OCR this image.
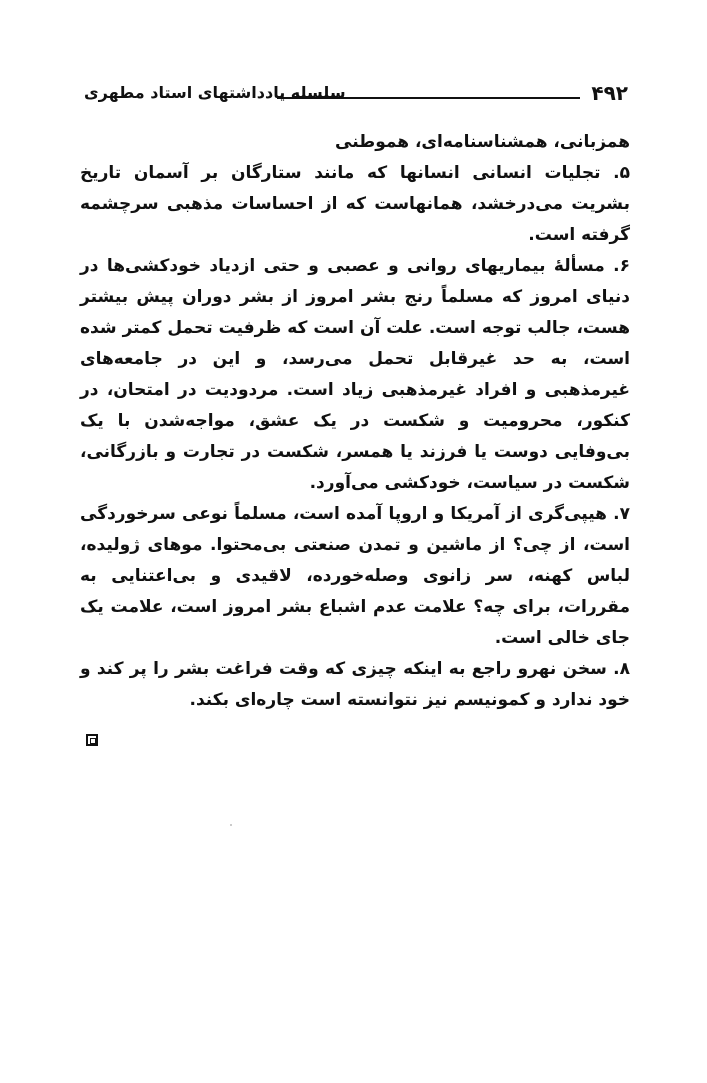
۴۹۲
سلسله یادداشتهای استاد مطهری

همزبانی، همشناسنامه‌ای، هموطنی

۵. تجلیات انسانی انسانها که مانند ستارگان بر آسمان تاریخ بشریت می‌درخشد، همانهاست که از احساسات مذهبی سرچشمه گرفته است.

۶. مسألهٔ بیماریهای روانی و عصبی و حتی ازدیاد خودکشی‌ها در دنیای امروز که مسلماً رنج بشر امروز از بشر دوران پیش بیشتر هست، جالب توجه است. علت آن است که ظرفیت تحمل کمتر شده است، به حد غیرقابل تحمل می‌رسد، و این در جامعه‌های غیرمذهبی و افراد غیرمذهبی زیاد است. مردودیت در امتحان، در کنکور، محرومیت و شکست در یک عشق، مواجه‌شدن با یک بی‌وفایی دوست یا فرزند یا همسر، شکست در تجارت و بازرگانی، شکست در سیاست، خودکشی می‌آورد.

۷. هیپی‌گری از آمریکا و اروپا آمده است، مسلماً نوعی سرخوردگی است، از چی؟ از ماشین و تمدن صنعتی بی‌محتوا. موهای ژولیده، لباس کهنه، سر زانوی وصله‌خورده، لاقیدی و بی‌اعتنایی به مقررات، برای چه؟ علامت عدم اشباع بشر امروز است، علامت یک جای خالی است.

۸. سخن نهرو راجع به اینکه چیزی که وقت فراغت بشر را پر کند و خود ندارد و کمونیسم نیز نتوانسته است چاره‌ای بکند.
